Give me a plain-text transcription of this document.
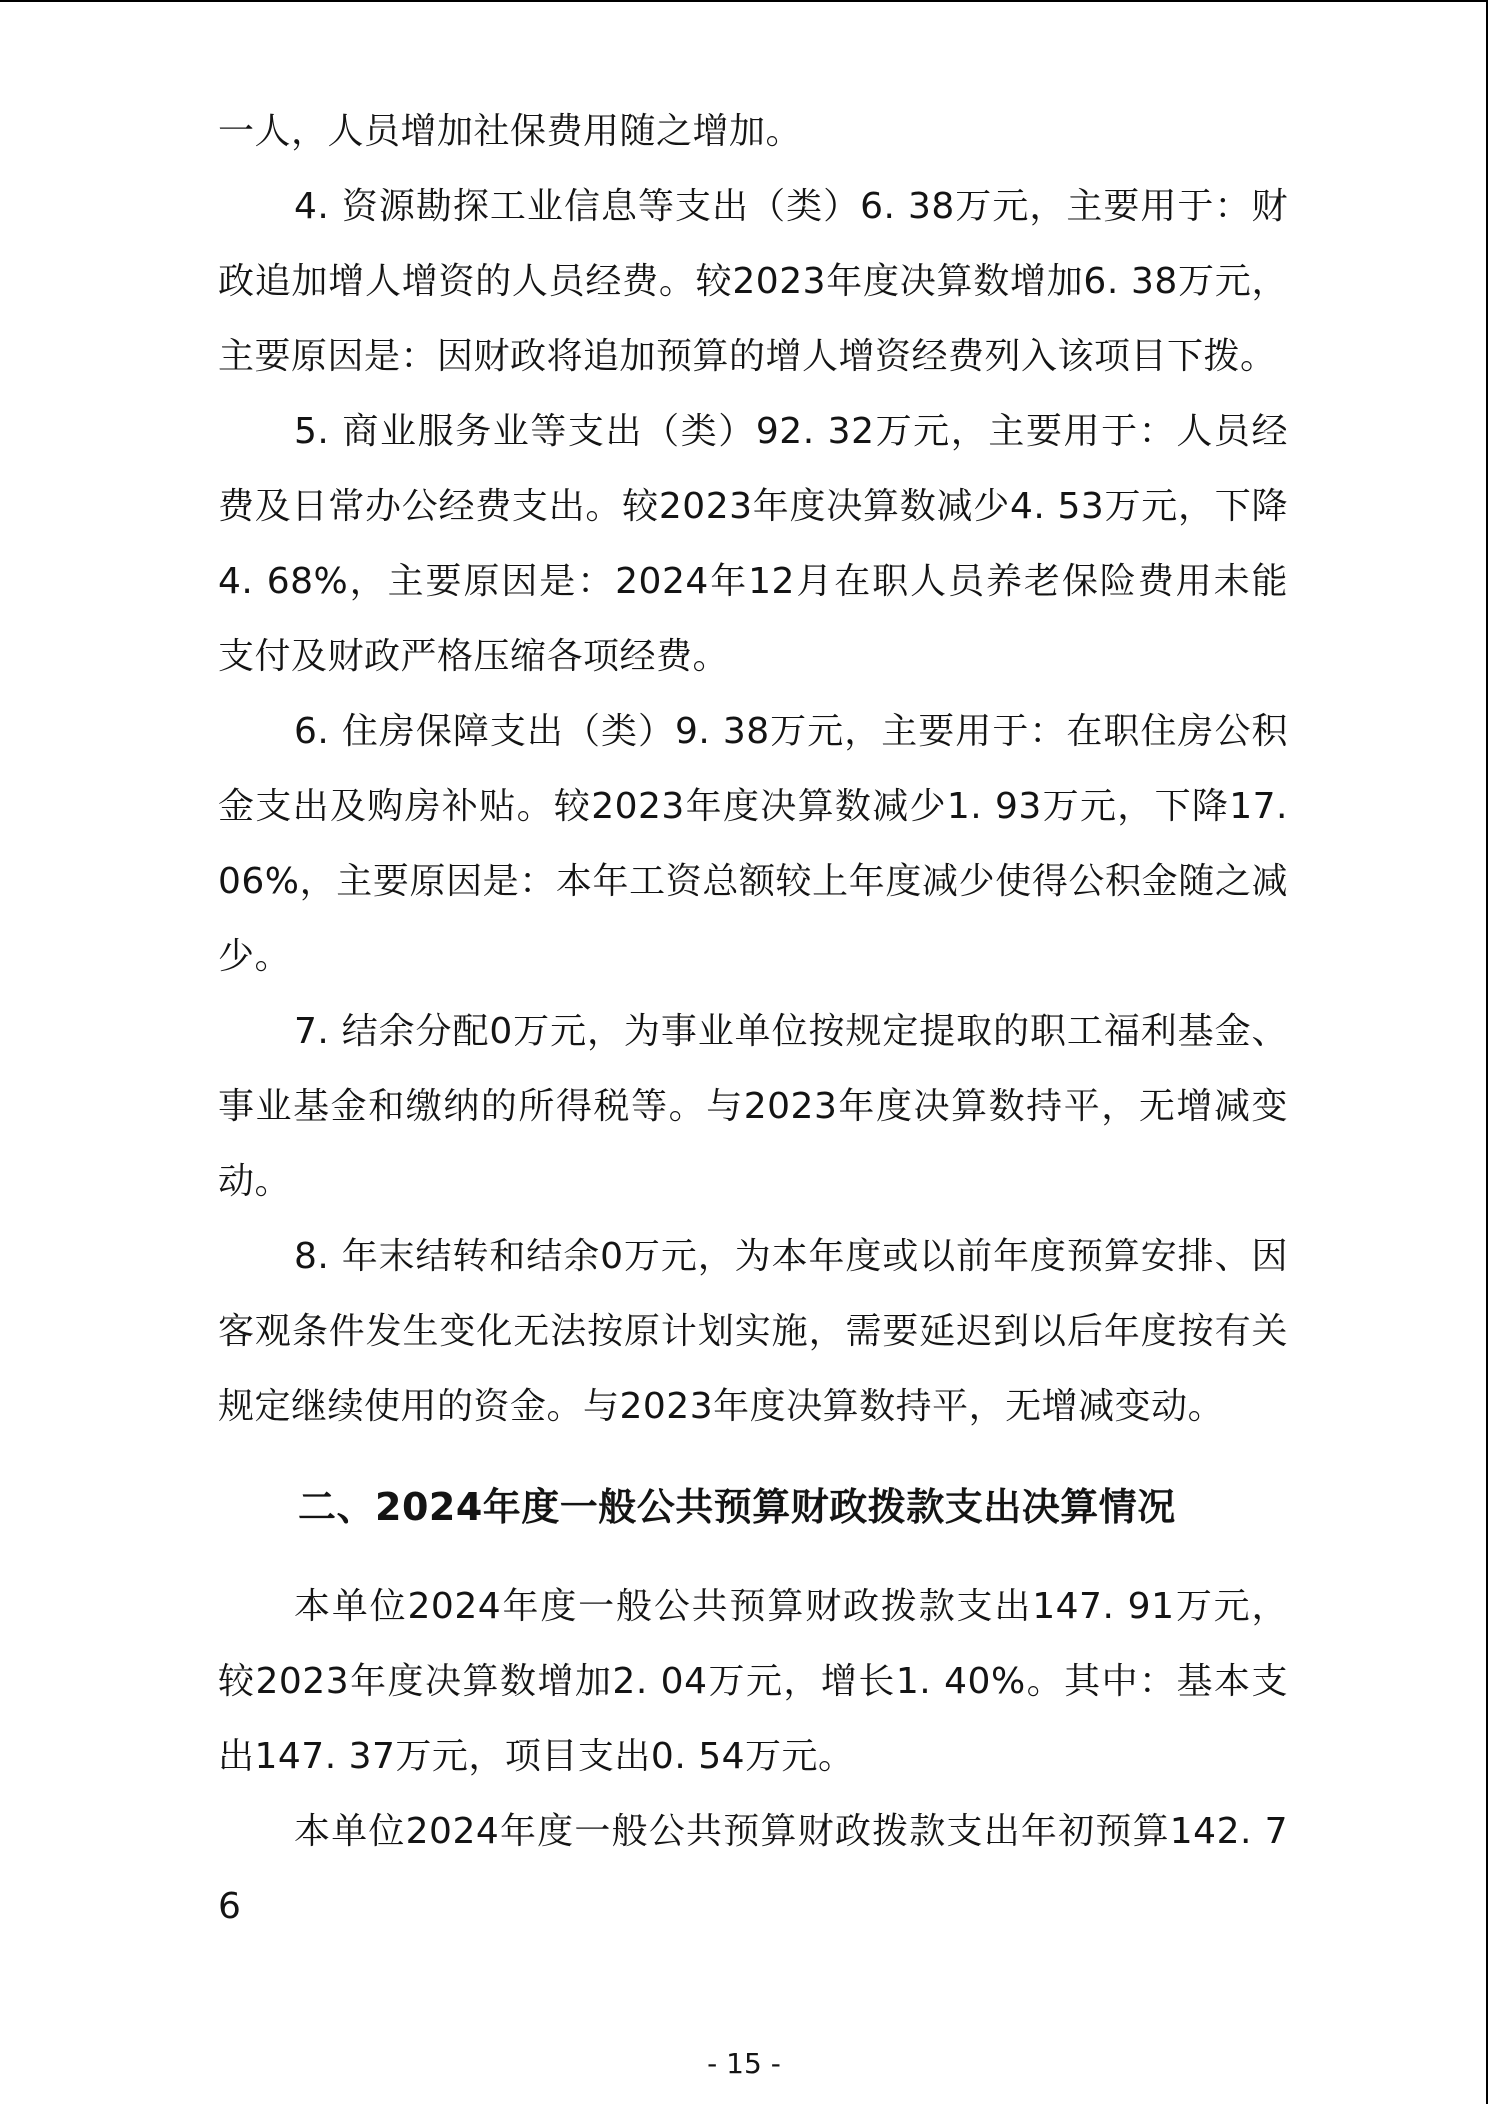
一人，人员增加社保费用随之增加。

4. 资源勘探工业信息等支出（类）6. 38万元，主要用于：财政追加增人增资的人员经费。较2023年度决算数增加6. 38万元，主要原因是：因财政将追加预算的增人增资经费列入该项目下拨。

5. 商业服务业等支出（类）92. 32万元，主要用于：人员经费及日常办公经费支出。较2023年度决算数减少4. 53万元，下降4. 68%，主要原因是：2024年12月在职人员养老保险费用未能支付及财政严格压缩各项经费。

6. 住房保障支出（类）9. 38万元，主要用于：在职住房公积金支出及购房补贴。较2023年度决算数减少1. 93万元，下降17. 06%，主要原因是：本年工资总额较上年度减少使得公积金随之减少。

7. 结余分配0万元，为事业单位按规定提取的职工福利基金、事业基金和缴纳的所得税等。与2023年度决算数持平，无增减变动。

8. 年末结转和结余0万元，为本年度或以前年度预算安排、因客观条件发生变化无法按原计划实施，需要延迟到以后年度按有关规定继续使用的资金。与2023年度决算数持平，无增减变动。

二、2024年度一般公共预算财政拨款支出决算情况

本单位2024年度一般公共预算财政拨款支出147. 91万元，较2023年度决算数增加2. 04万元，增长1. 40%。其中：基本支出147. 37万元，项目支出0. 54万元。

本单位2024年度一般公共预算财政拨款支出年初预算142. 76

- 15 -
